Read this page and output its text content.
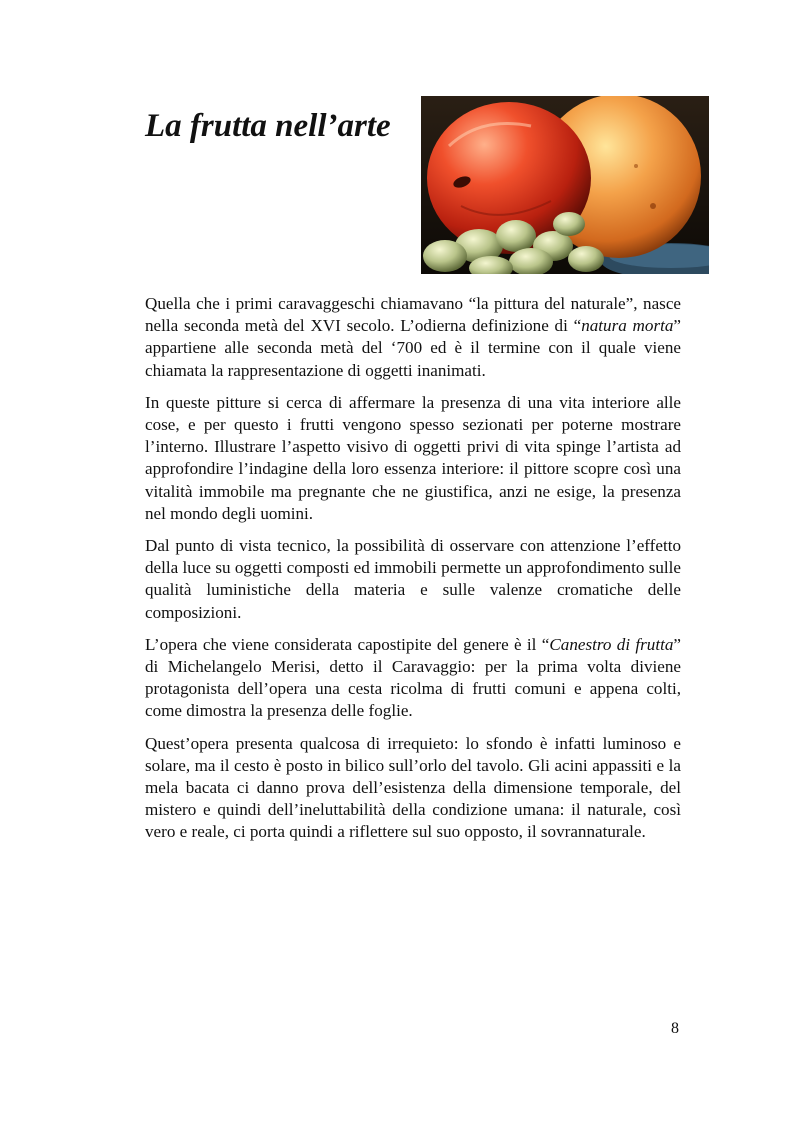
La frutta nell’arte

Quella che i primi caravaggeschi chiamavano “la pittura del naturale”, nasce nella seconda metà del XVI secolo. L’odierna definizione di “natura morta” appartiene alle seconda metà del ‘700 ed è il termine con il quale viene chiamata la rappresentazione di oggetti inanimati.

In queste pitture si cerca di affermare la presenza di una vita interiore alle cose, e per questo i frutti vengono spesso sezionati per poterne mostrare l’interno. Illustrare l’aspetto visivo di oggetti privi di vita spinge l’artista ad approfondire l’indagine della loro essenza interiore: il pittore scopre così una vitalità immobile ma pregnante che ne giustifica, anzi ne esige, la presenza nel mondo degli uomini.

Dal punto di vista tecnico, la possibilità di osservare con attenzione l’effetto della luce su oggetti composti ed immobili permette un approfondimento sulle qualità luministiche della materia e sulle valenze cromatiche delle composizioni.

L’opera che viene considerata capostipite del genere è il “Canestro di frutta” di Michelangelo Merisi, detto il Caravaggio: per la prima volta diviene protagonista dell’opera una cesta ricolma di frutti comuni e appena colti, come dimostra la presenza delle foglie.

Quest’opera presenta qualcosa di irrequieto: lo sfondo è infatti luminoso e solare, ma il cesto è posto in bilico sull’orlo del tavolo. Gli acini appassiti e la mela bacata ci danno prova dell’esistenza della dimensione temporale, del mistero e quindi dell’ineluttabilità della condizione umana: il naturale, così vero e reale, ci porta quindi a riflettere sul suo opposto, il sovrannaturale.

8
